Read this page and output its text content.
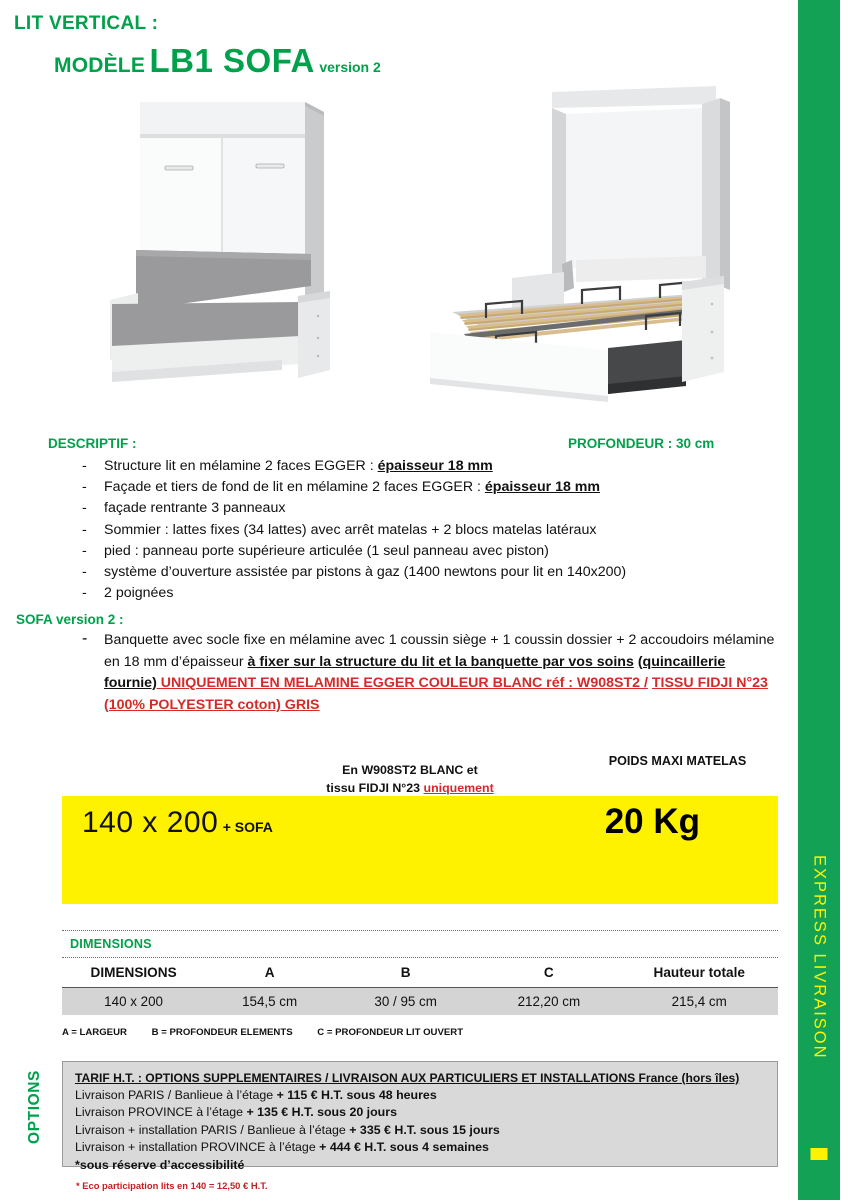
EXPRESS LIVRAISON
LIT VERTICAL :
MODÈLE LB1 SOFA version 2
DESCRIPTIF :	PROFONDEUR : 30 cm
- Structure lit en mélamine 2 faces EGGER : épaisseur 18 mm
- Façade et tiers de fond de lit en mélamine 2 faces EGGER : épaisseur 18 mm
- façade rentrante 3 panneaux
- Sommier : lattes fixes (34 lattes) avec arrêt matelas + 2 blocs matelas latéraux
- pied : panneau porte supérieure articulée (1 seul panneau avec piston)
- système d’ouverture assistée par pistons à gaz (1400 newtons pour lit en 140x200)
- 2 poignées
SOFA version 2 :
- Banquette avec socle fixe en mélamine avec 1 coussin siège + 1 coussin dossier + 2 accoudoirs mélamine en 18 mm d’épaisseur à fixer sur la structure du lit et la banquette par vos soins (quincaillerie fournie) UNIQUEMENT EN MELAMINE EGGER COULEUR BLANC réf : W908ST2 / TISSU FIDJI N°23 (100% POLYESTER coton) GRIS
En W908ST2 BLANC et
tissu FIDJI N°23 uniquement
POIDS MAXI MATELAS
140 x 200 + SOFA	20 Kg
DIMENSIONS
DIMENSIONS	A	B	C	Hauteur totale
140 x 200	154,5 cm	30 / 95 cm	212,20 cm	215,4 cm
A = LARGEUR	B = PROFONDEUR ELEMENTS	C = PROFONDEUR LIT OUVERT
OPTIONS	TARIF H.T. : OPTIONS SUPPLEMENTAIRES / LIVRAISON AUX PARTICULIERS ET INSTALLATIONS France (hors îles)
Livraison PARIS / Banlieue à l’étage + 115 € H.T. sous 48 heures
Livraison PROVINCE à l’étage + 135 € H.T. sous 20 jours
Livraison + installation PARIS / Banlieue à l’étage + 335 € H.T. sous 15 jours
Livraison + installation PROVINCE à l’étage + 444 € H.T. sous 4 semaines
*sous réserve d’accessibilité
* Eco participation lits en 140 = 12,50 € H.T.
